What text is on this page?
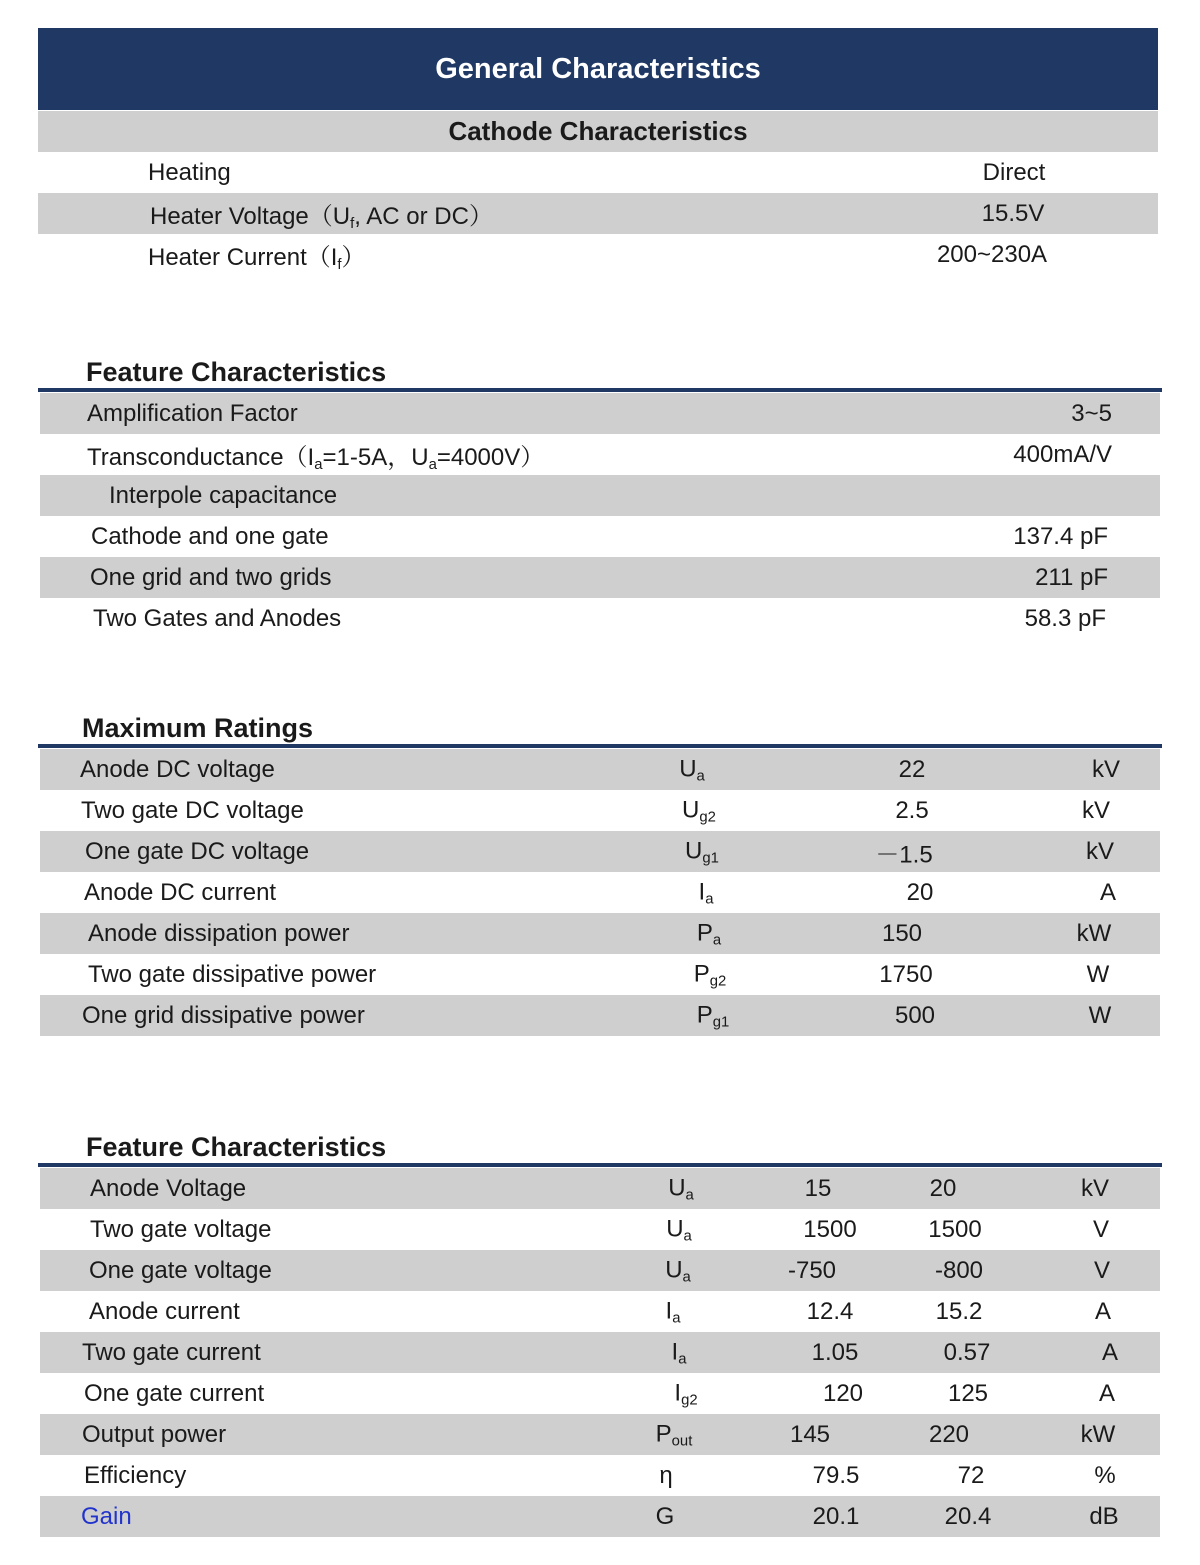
General Characteristics
Cathode Characteristics
Heating	Direct
Heater $Voltage(U_f$, AC or DC）	15.5V
Heater $Current(I_f)$	200~230A
Feature Characteristics
Amplification Factor	3~5
$Transconductance(I_a=1-5A$，$U_a=4000V$）	400mA/V
Interpole capacitance
Cathode and one gate	137.4 pF
One grid and two grids	211 pF
Two Gates and Anodes	58.3 pF
Maximum Ratings
Anode DC voltage	$U_a$	22	kV
Two gate DC voltage	$U_{g2}$	2.5	kV
One gate DC voltage	$U_{g1}$	－1.5	kV
Anode DC current	$I_a$	20	A
Anode dissipation power	$P_a$	150	kW
Two gate dissipative power	$P_{g2}$	1750	W
One grid dissipative power	$P_{g1}$	500	W
Feature Characteristics
Anode Voltage	$U_a$	15	20	kV
Two gate voltage	$U_a$	1500	1500	V
One gate voltage	$U_a$	-750	-800	V
Anode current	$I_a$	12.4	15.2	A
Two gate current	$I_a$	1.05	0.57	A
One gate current	$I_{g2}$	120	125	A
Output power	$P_{out}$	145	220	kW
Efficiency	η	79.5	72	%
Gain	G	20.1	20.4	dB
